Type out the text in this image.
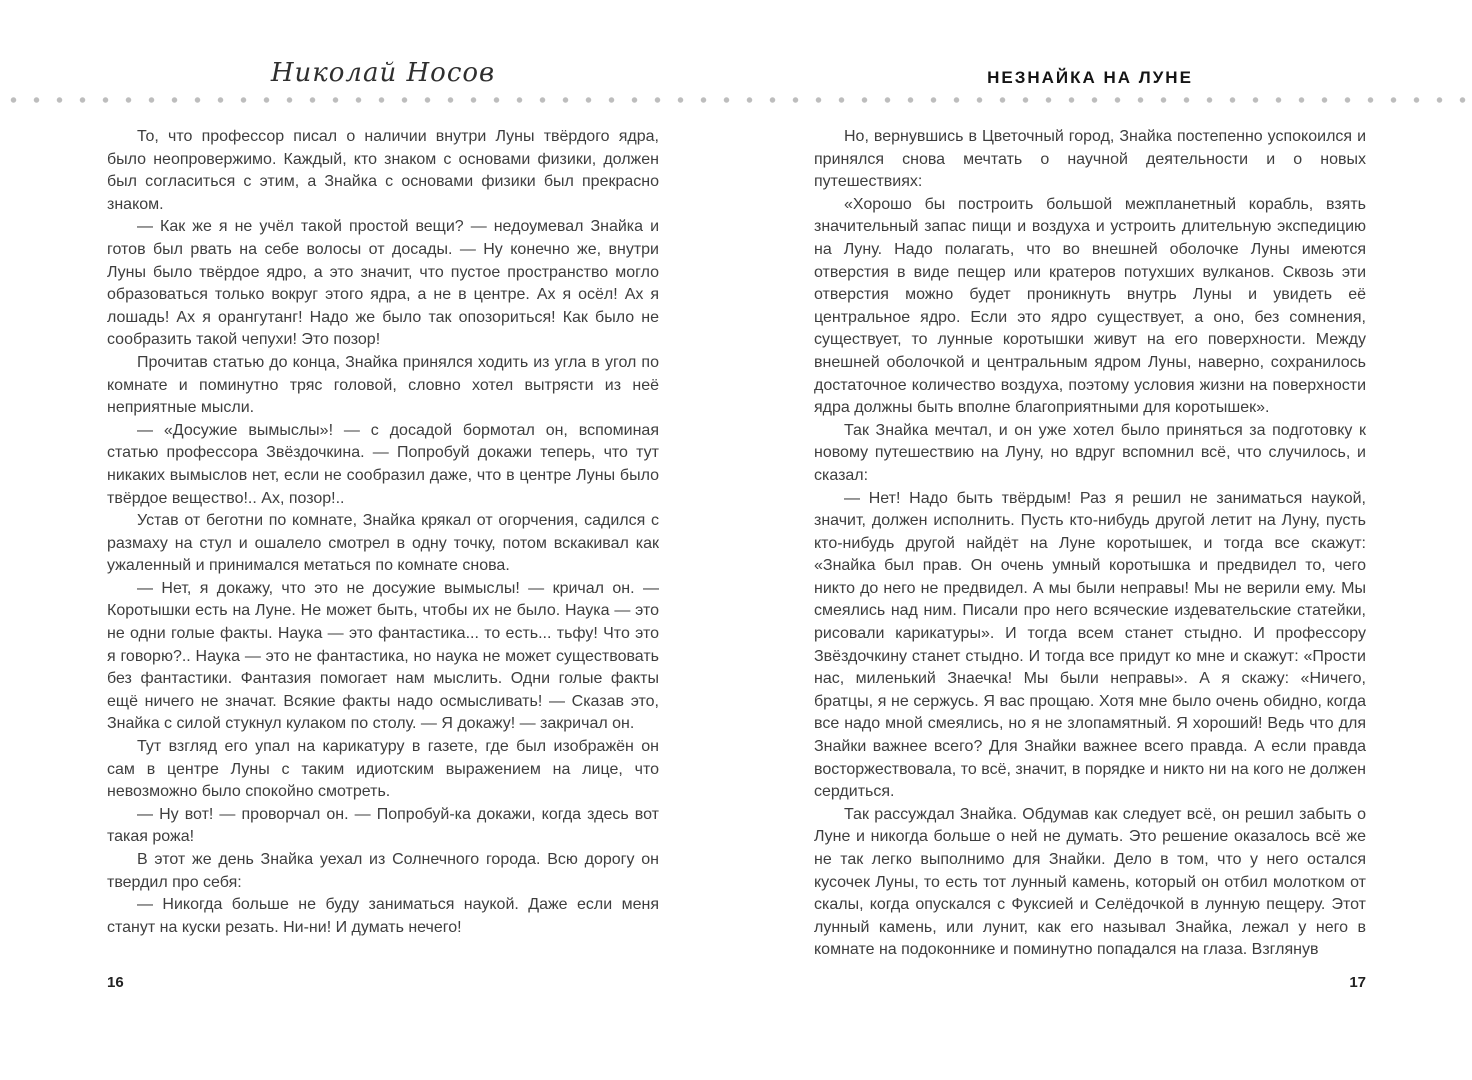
Николай Носов	НЕЗНАЙКА НА ЛУНЕ

То, что профессор писал о наличии внутри Луны твёрдого ядра, было неопровержимо. Каждый, кто знаком с основами физики, должен был согласиться с этим, а Знайка с основами физики был прекрасно знаком.

— Как же я не учёл такой простой вещи? — недоумевал Знайка и готов был рвать на себе волосы от досады. — Ну конечно же, внутри Луны было твёрдое ядро, а это значит, что пустое пространство могло образоваться только вокруг этого ядра, а не в центре. Ах я осёл! Ах я лошадь! Ах я орангутанг! Надо же было так опозориться! Как было не сообразить такой чепухи! Это позор!

Прочитав статью до конца, Знайка принялся ходить из угла в угол по комнате и поминутно тряс головой, словно хотел вытрясти из неё неприятные мысли.

— «Досужие вымыслы»! — с досадой бормотал он, вспоминая статью профессора Звёздочкина. — Попробуй докажи теперь, что тут никаких вымыслов нет, если не сообразил даже, что в центре Луны было твёрдое вещество!.. Ах, позор!..

Устав от беготни по комнате, Знайка крякал от огорчения, садился с размаху на стул и ошалело смотрел в одну точку, потом вскакивал как ужаленный и принимался метаться по комнате снова.

— Нет, я докажу, что это не досужие вымыслы! — кричал он. — Коротышки есть на Луне. Не может быть, чтобы их не было. Наука — это не одни голые факты. Наука — это фантастика... то есть... тьфу! Что это я говорю?.. Наука — это не фантастика, но наука не может существовать без фантастики. Фантазия помогает нам мыслить. Одни голые факты ещё ничего не значат. Всякие факты надо осмысливать! — Сказав это, Знайка с силой стукнул кулаком по столу. — Я докажу! — закричал он.

Тут взгляд его упал на карикатуру в газете, где был изображён он сам в центре Луны с таким идиотским выражением на лице, что невозможно было спокойно смотреть.

— Ну вот! — проворчал он. — Попробуй-ка докажи, когда здесь вот такая рожа!

В этот же день Знайка уехал из Солнечного города. Всю дорогу он твердил про себя:

— Никогда больше не буду заниматься наукой. Даже если меня станут на куски резать. Ни-ни! И думать нечего!

Но, вернувшись в Цветочный город, Знайка постепенно успокоился и принялся снова мечтать о научной деятельности и о новых путешествиях:

«Хорошо бы построить большой межпланетный корабль, взять значительный запас пищи и воздуха и устроить длительную экспедицию на Луну. Надо полагать, что во внешней оболочке Луны имеются отверстия в виде пещер или кратеров потухших вулканов. Сквозь эти отверстия можно будет проникнуть внутрь Луны и увидеть её центральное ядро. Если это ядро существует, а оно, без сомнения, существует, то лунные коротышки живут на его поверхности. Между внешней оболочкой и центральным ядром Луны, наверно, сохранилось достаточное количество воздуха, поэтому условия жизни на поверхности ядра должны быть вполне благоприятными для коротышек».

Так Знайка мечтал, и он уже хотел было приняться за подготовку к новому путешествию на Луну, но вдруг вспомнил всё, что случилось, и сказал:

— Нет! Надо быть твёрдым! Раз я решил не заниматься наукой, значит, должен исполнить. Пусть кто-нибудь другой летит на Луну, пусть кто-нибудь другой найдёт на Луне коротышек, и тогда все скажут: «Знайка был прав. Он очень умный коротышка и предвидел то, чего никто до него не предвидел. А мы были неправы! Мы не верили ему. Мы смеялись над ним. Писали про него всяческие издевательские статейки, рисовали карикатуры». И тогда всем станет стыдно. И профессору Звёздочкину станет стыдно. И тогда все придут ко мне и скажут: «Прости нас, миленький Знаечка! Мы были неправы». А я скажу: «Ничего, братцы, я не сержусь. Я вас прощаю. Хотя мне было очень обидно, когда все надо мной смеялись, но я не злопамятный. Я хороший! Ведь что для Знайки важнее всего? Для Знайки важнее всего правда. А если правда восторжествовала, то всё, значит, в порядке и никто ни на кого не должен сердиться.

Так рассуждал Знайка. Обдумав как следует всё, он решил забыть о Луне и никогда больше о ней не думать. Это решение оказалось всё же не так легко выполнимо для Знайки. Дело в том, что у него остался кусочек Луны, то есть тот лунный камень, который он отбил молотком от скалы, когда опускался с Фуксией и Селёдочкой в лунную пещеру. Этот лунный камень, или лунит, как его называл Знайка, лежал у него в комнате на подоконнике и поминутно попадался на глаза. Взглянув

16	17
